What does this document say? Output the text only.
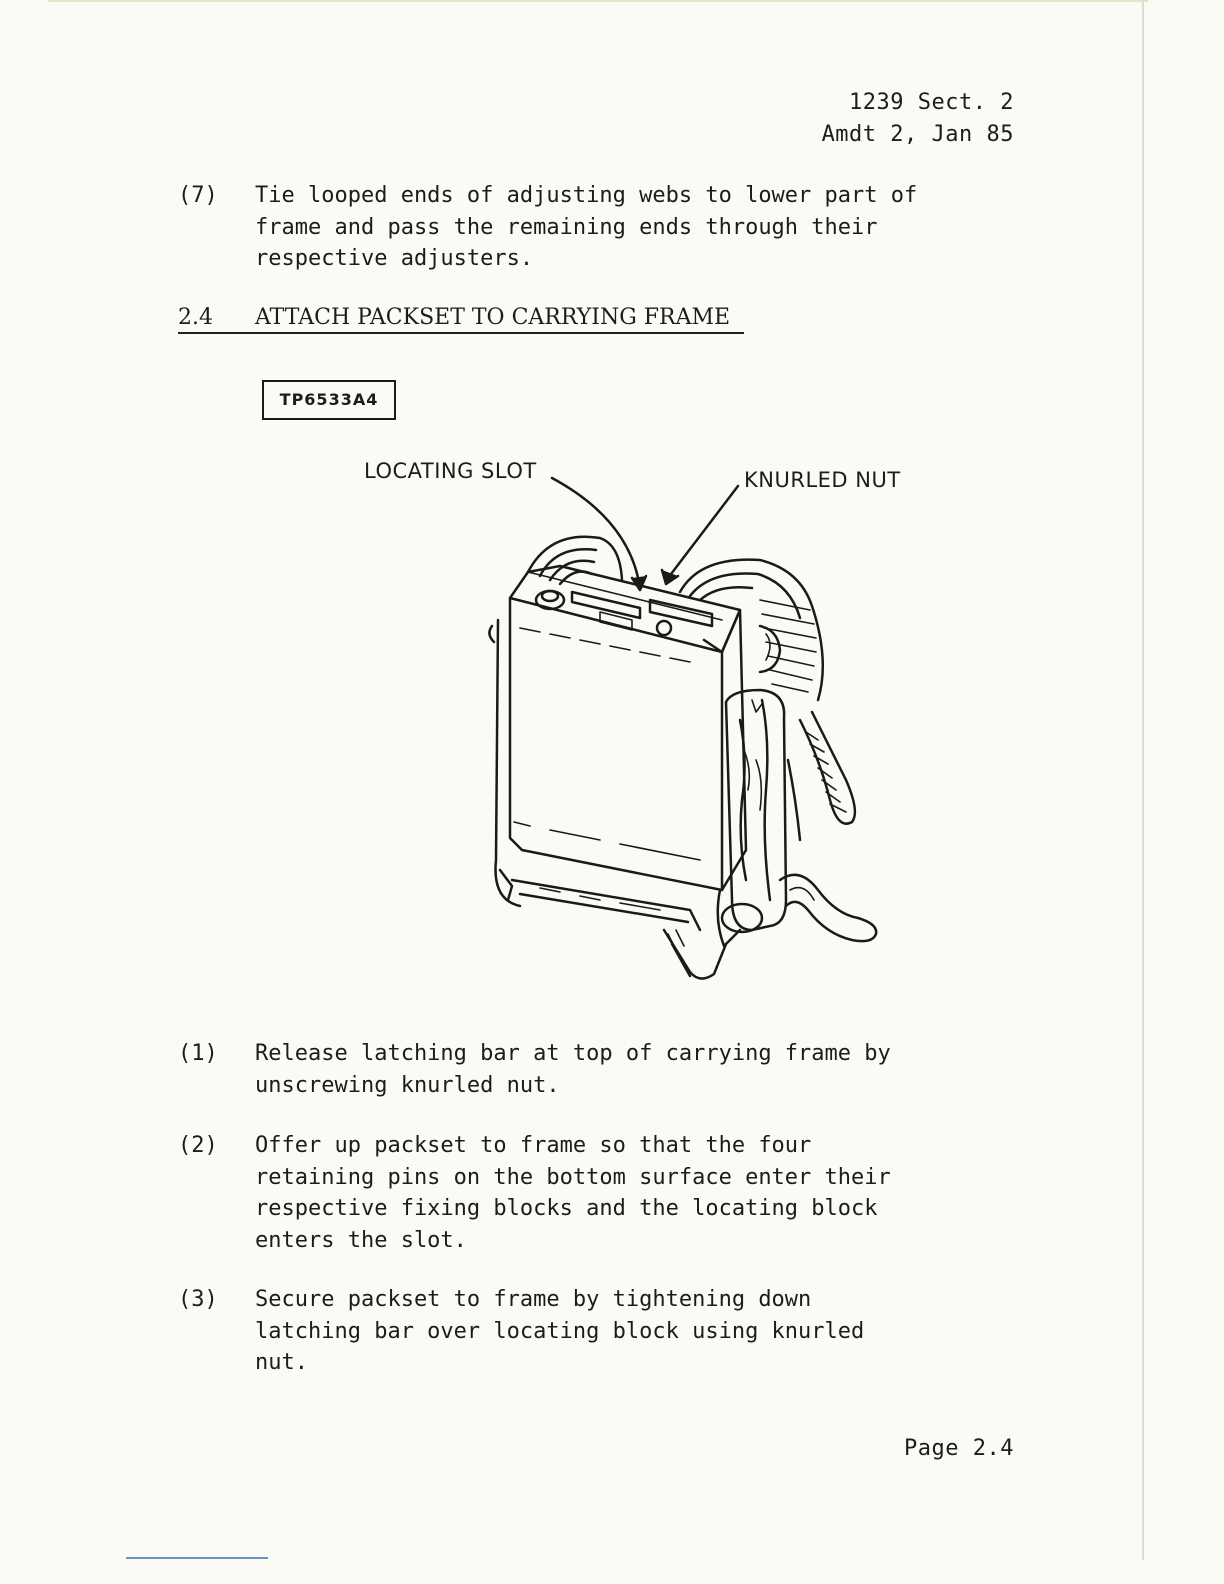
1239 Sect. 2
Amdt 2, Jan 85
(7)	Tie looped ends of adjusting webs to lower part of
frame and pass the remaining ends through their
respective adjusters.
2.4 ATTACH PACKSET TO CARRYING FRAME
TP6533A4
LOCATING SLOT	KNURLED NUT
(1)	Release latching bar at top of carrying frame by
unscrewing knurled nut.
(2)	Offer up packset to frame so that the four
retaining pins on the bottom surface enter their
respective fixing blocks and the locating block
enters the slot.
(3)	Secure packset to frame by tightening down
latching bar over locating block using knurled
nut.
Page 2.4
